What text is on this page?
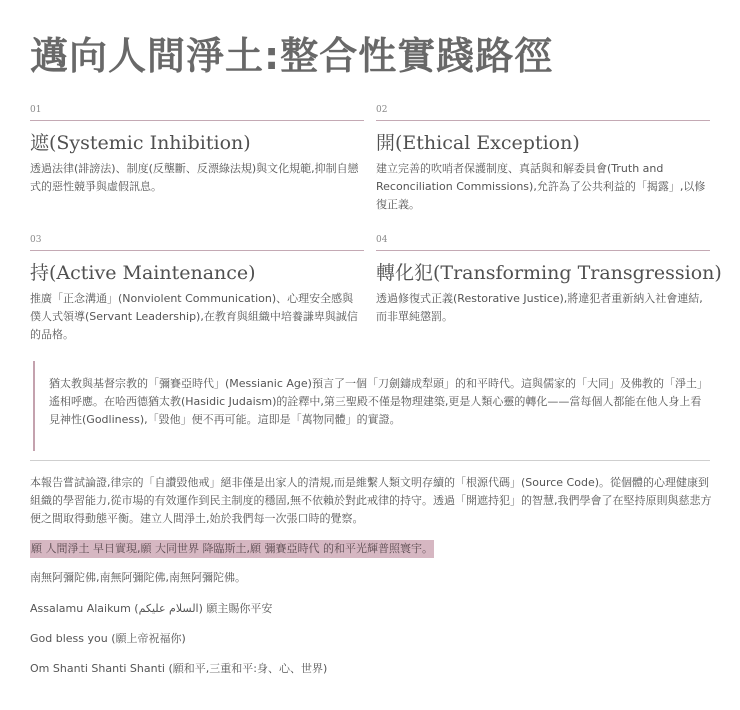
邁向人間淨土:整合性實踐路徑
01
遮(Systemic Inhibition)
透過法律(誹謗法)、制度(反壟斷、反漂綠法規)與文化規範,抑制自戀式的惡性競爭與虛假訊息。
02
開(Ethical Exception)
建立完善的吹哨者保護制度、真話與和解委員會(Truth and Reconciliation Commissions),允許為了公共利益的「揭露」,以修復正義。
03
持(Active Maintenance)
推廣「正念溝通」(Nonviolent Communication)、心理安全感與僕人式領導(Servant Leadership),在教育與組織中培養謙卑與誠信的品格。
04
轉化犯(Transforming Transgression)
透過修復式正義(Restorative Justice),將違犯者重新納入社會連結,而非單純懲罰。
猶太教與基督宗教的「彌賽亞時代」(Messianic Age)預言了一個「刀劍鑄成犁頭」的和平時代。這與儒家的「大同」及佛教的「淨土」遙相呼應。在哈西德猶太教(Hasidic Judaism)的詮釋中,第三聖殿不僅是物理建築,更是人類心靈的轉化——當每個人都能在他人身上看見神性(Godliness),「毀他」便不再可能。這即是「萬物同體」的實證。

本報告嘗試論證,律宗的「自讚毀他戒」絕非僅是出家人的清規,而是維繫人類文明存續的「根源代碼」(Source Code)。從個體的心理健康到組織的學習能力,從市場的有效運作到民主制度的穩固,無不依賴於對此戒律的持守。透過「開遮持犯」的智慧,我們學會了在堅持原則與慈悲方便之間取得動態平衡。建立人間淨土,始於我們每一次張口時的覺察。

願 人間淨土 早日實現,願 大同世界 降臨斯土,願 彌賽亞時代 的和平光輝普照寰宇。
南無阿彌陀佛,南無阿彌陀佛,南無阿彌陀佛。
Assalamu Alaikum (السلام عليكم) 願主賜你平安
God bless you (願上帝祝福你)
Om Shanti Shanti Shanti (願和平,三重和平:身、心、世界)
